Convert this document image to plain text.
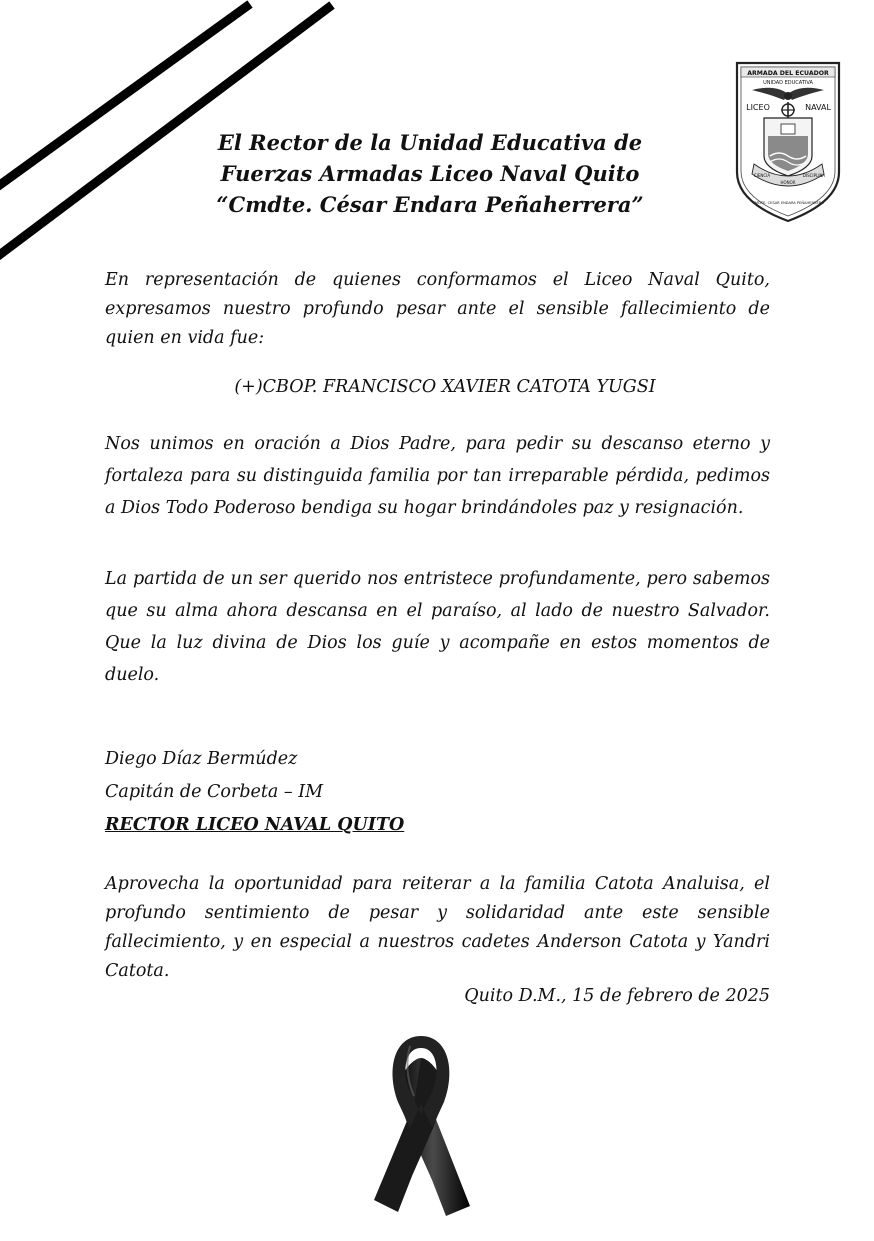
ARMADA DEL ECUADOR
UNIDAD EDUCATIVA
LICEO	NAVAL
CIENCIA
HONOR
DISCIPLINA
CMDTE. CESAR ENDARA PEÑAHERRERA
El Rector de la Unidad Educativa de
Fuerzas Armadas Liceo Naval Quito
“Cmdte. César Endara Peñaherrera”

En representación de quienes conformamos el Liceo Naval Quito, expresamos nuestro profundo pesar ante el sensible fallecimiento de quien en vida fue:

(+)CBOP. FRANCISCO XAVIER CATOTA YUGSI

Nos unimos en oración a Dios Padre, para pedir su descanso eterno y fortaleza para su distinguida familia por tan irreparable pérdida, pedimos a Dios Todo Poderoso bendiga su hogar brindándoles paz y resignación.

La partida de un ser querido nos entristece profundamente, pero sabemos que su alma ahora descansa en el paraíso, al lado de nuestro Salvador. Que la luz divina de Dios los guíe y acompañe en estos momentos de duelo.

Diego Díaz Bermúdez
Capitán de Corbeta – IM
RECTOR LICEO NAVAL QUITO

Aprovecha la oportunidad para reiterar a la familia Catota Analuisa, el profundo sentimiento de pesar y solidaridad ante este sensible fallecimiento, y en especial a nuestros cadetes Anderson Catota y Yandri Catota.

Quito D.M., 15 de febrero de 2025
